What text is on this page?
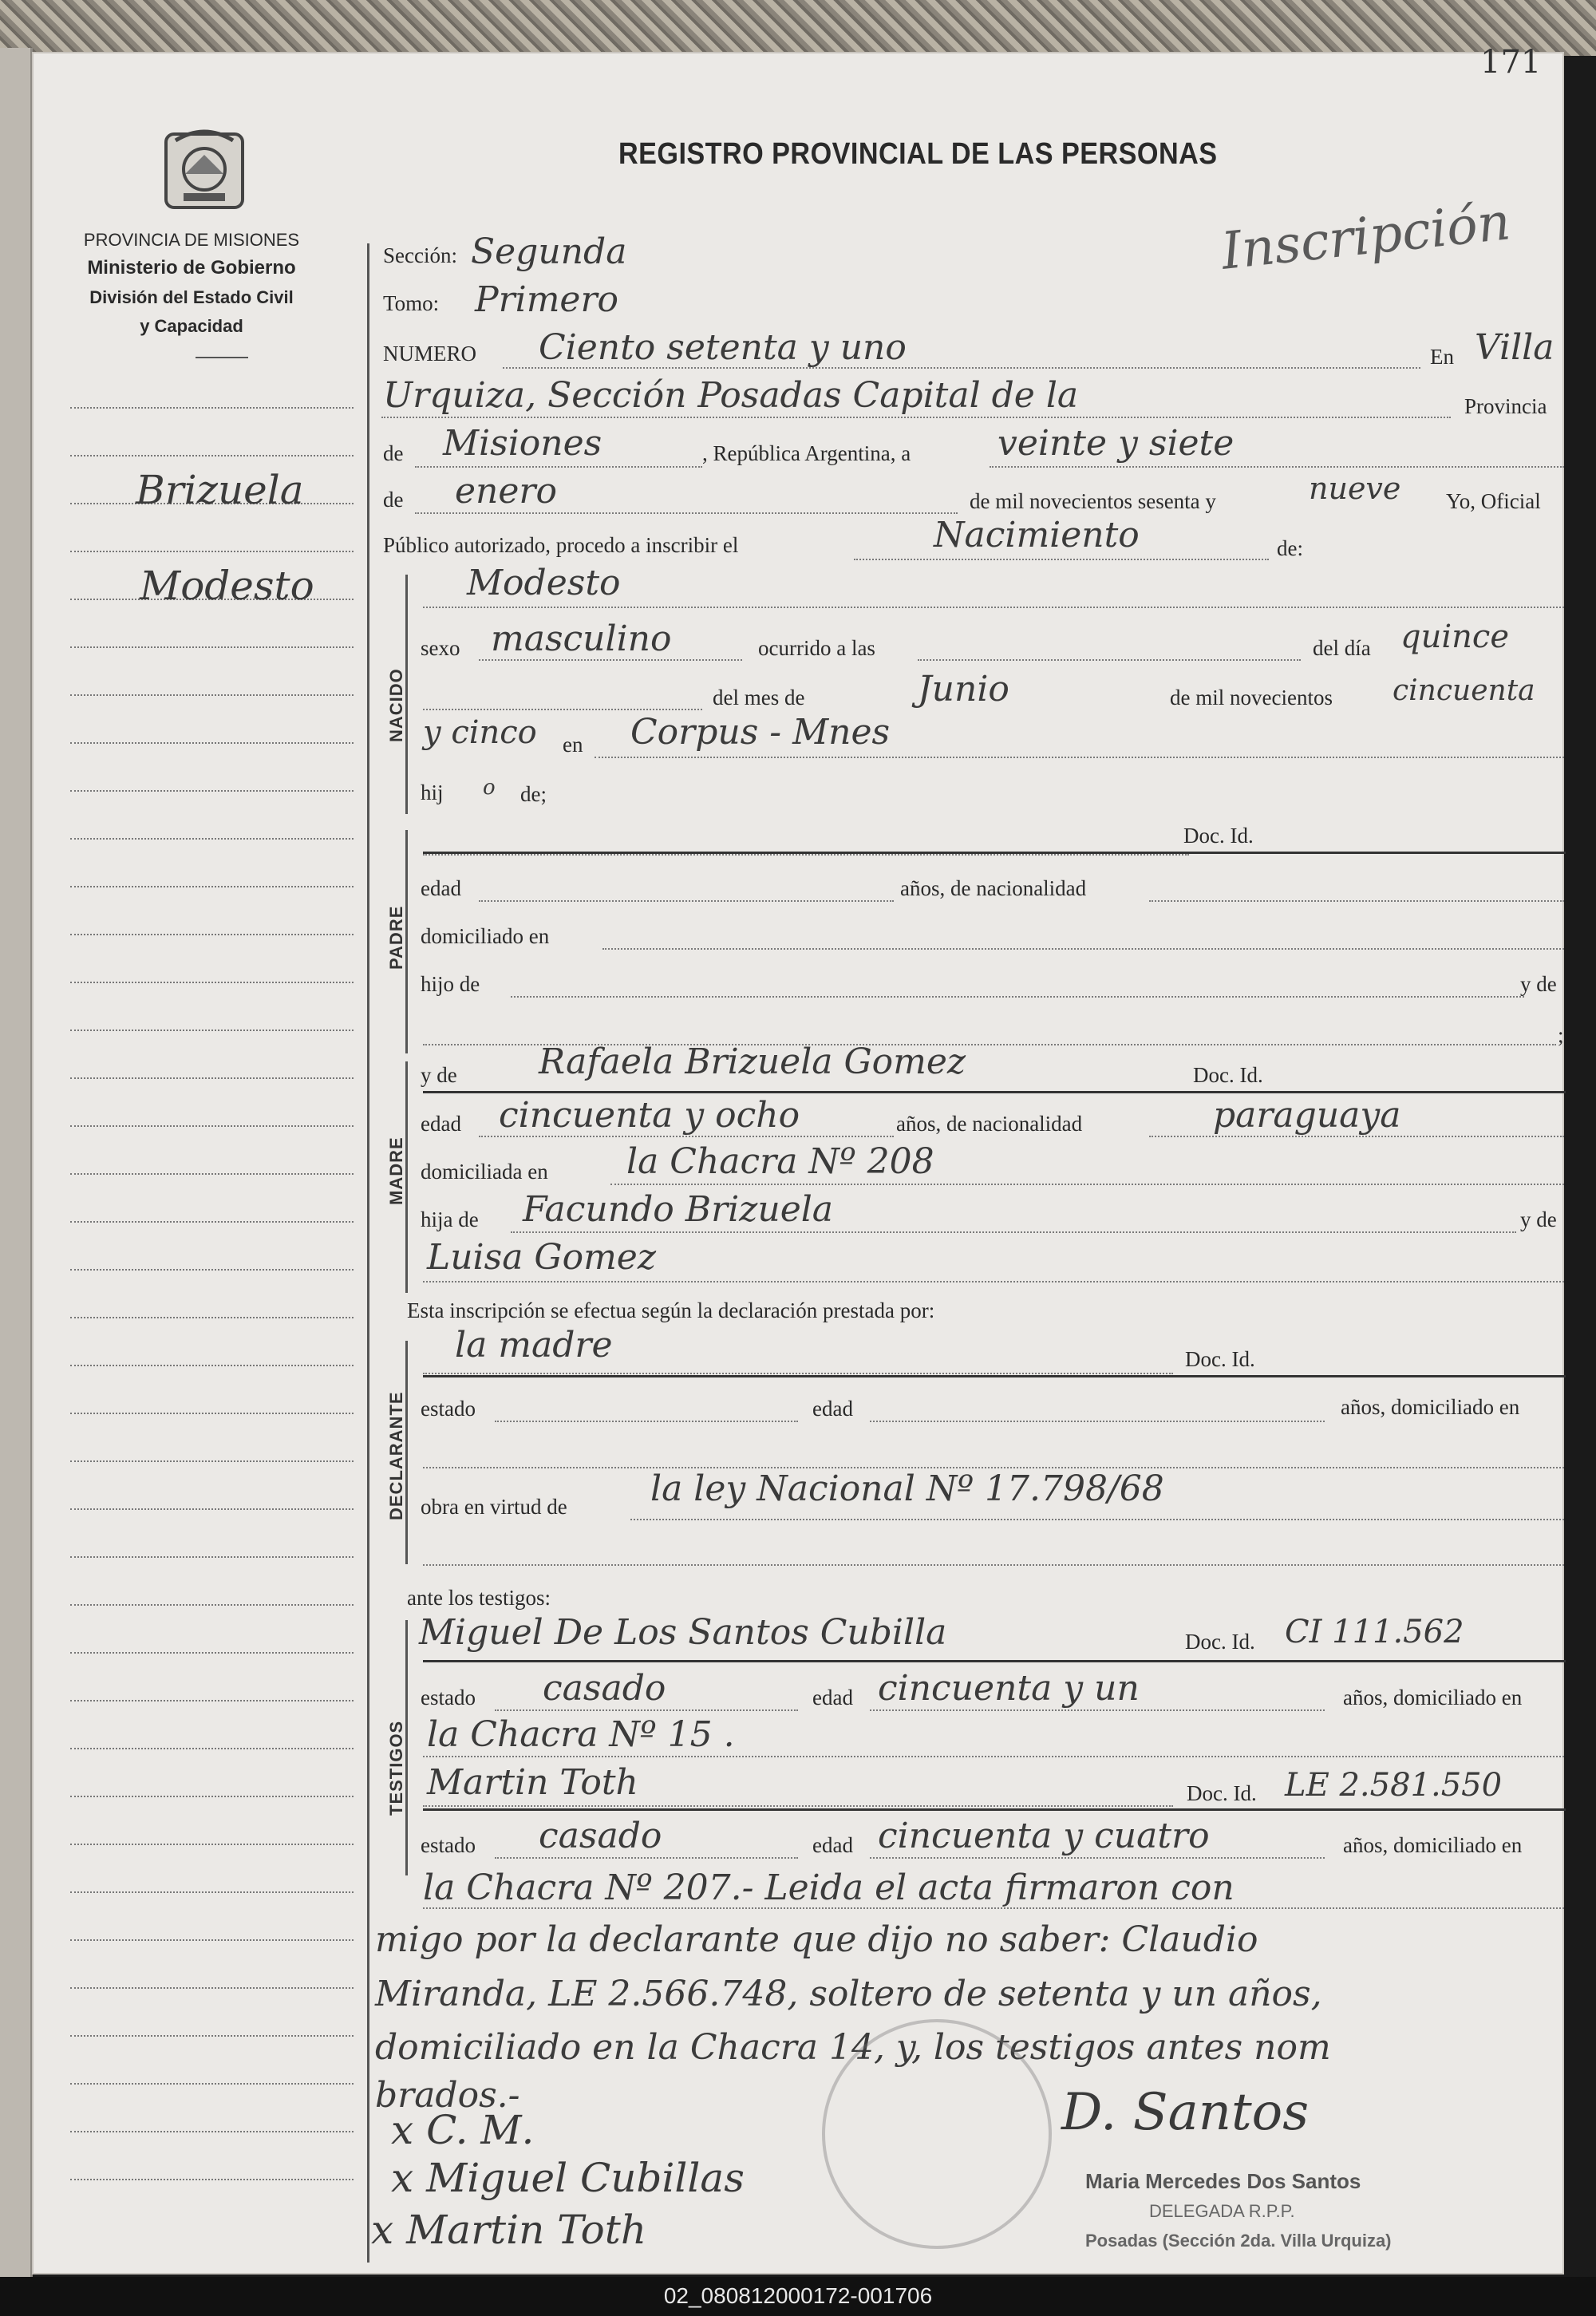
171
REGISTRO PROVINCIAL DE LAS PERSONAS
Inscripción
PROVINCIA DE MISIONES
Ministerio de Gobierno
División del Estado Civil
y Capacidad
Brizuela
Modesto
Sección: Segunda
Tomo: Primero
NUMERO Ciento setenta y uno	En Villa
Urquiza, Sección Posadas Capital de la	Provincia
de Misiones	, República Argentina, a veinte y siete
de enero	de mil novecientos sesenta y	nueve Yo, Oficial
Público autorizado, procedo a inscribir el	Nacimiento	de:
NACIDO
Modesto
sexo masculino	ocurrido a las	del día quince
del mes de	Junio	de mil novecientos cincuenta
y cinco en Corpus - Mnes
hij o de;
PADRE
Doc. Id.
edad	años, de nacionalidad
domiciliado en
hijo de	y de
;
MADRE
y de Rafaela Brizuela Gomez	Doc. Id.
edad cincuenta y ocho	años, de nacionalidad	paraguaya
domiciliada en la Chacra Nº 208
hija de Facundo Brizuela	y de
Luisa Gomez
Esta inscripción se efectua según la declaración prestada por:
DECLARANTE
la madre	Doc. Id.
estado	edad	años, domiciliado en
obra en virtud de la ley Nacional Nº 17.798/68
ante los testigos:
TESTIGOS
Miguel De Los Santos Cubilla	Doc. Id. CI 111.562
estado casado	edad cincuenta y un	años, domiciliado en
la Chacra Nº 15 .
Martin Toth	Doc. Id. LE 2.581.550
estado casado	edad cincuenta y cuatro	años, domiciliado en
la Chacra Nº 207.- Leida el acta firmaron con
migo por la declarante que dijo no saber: Claudio
Miranda, LE 2.566.748, soltero de setenta y un años,
domiciliado en la Chacra 14, y, los testigos antes nom
brados.-
x C. M.
x Miguel Cubillas
x Martin Toth
D. Santos
Maria Mercedes Dos Santos
DELEGADA R.P.P.
Posadas (Sección 2da. Villa Urquiza)
02_080812000172-001706
